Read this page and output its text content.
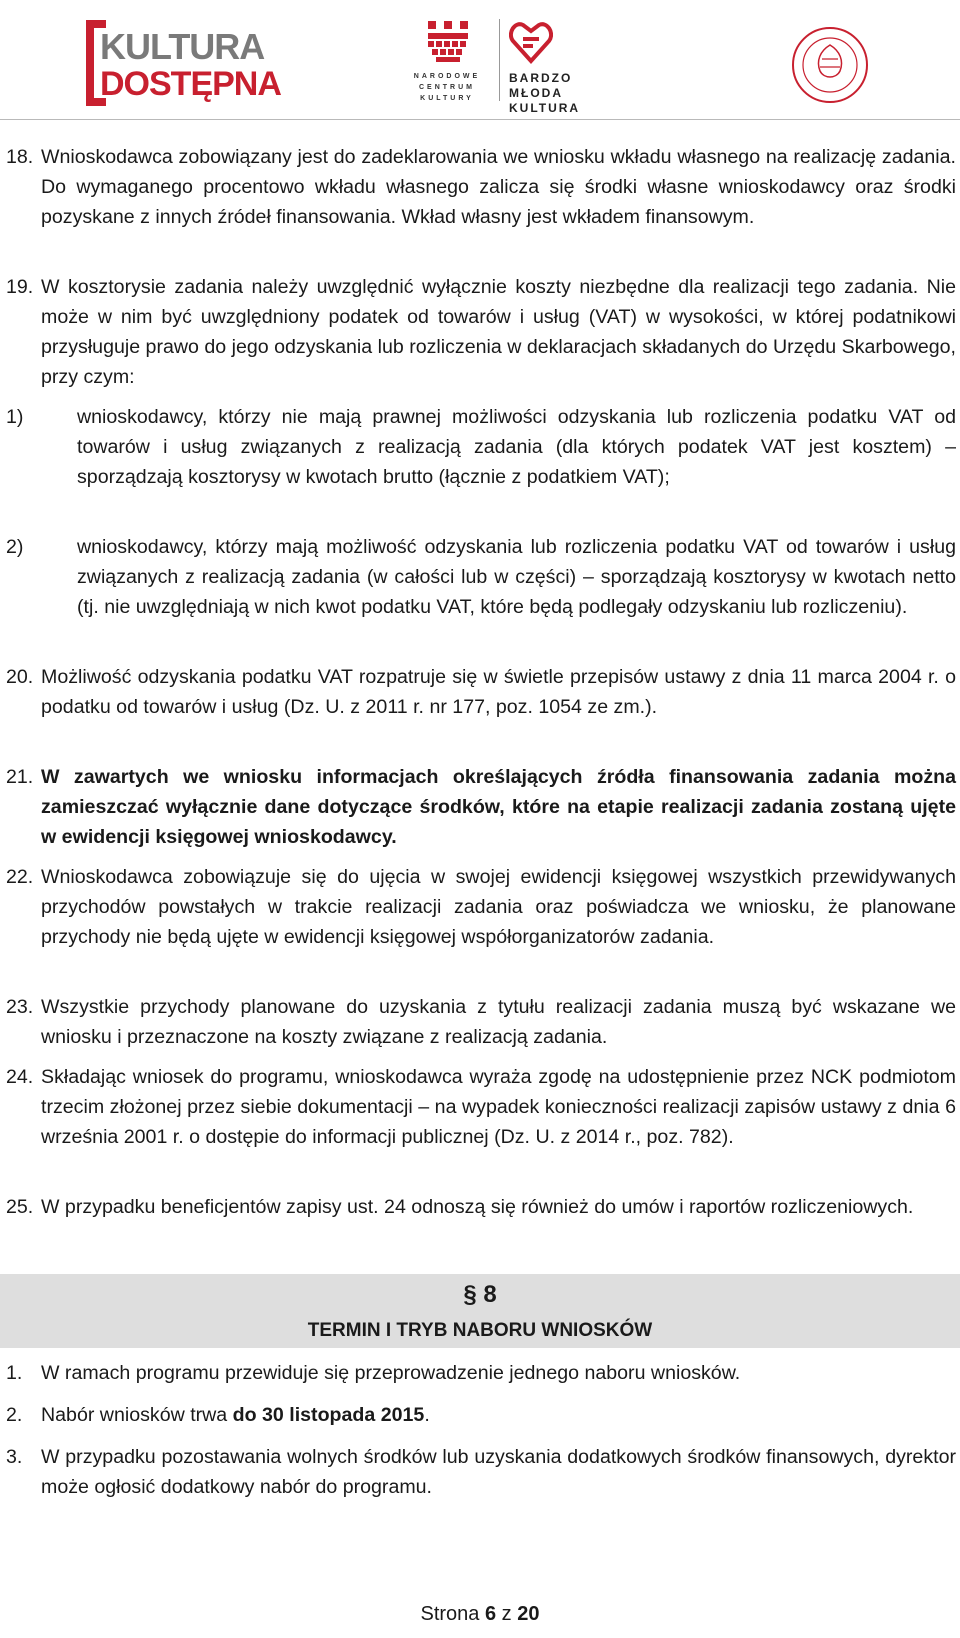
KULTURA
DOSTĘPNA	NARODOWE CENTRUM KULTURY
BARDZO MŁODA KULTURA
18. Wnioskodawca zobowiązany jest do zadeklarowania we wniosku wkładu własnego na realizację zadania. Do wymaganego procentowo wkładu własnego zalicza się środki własne wnioskodawcy oraz środki pozyskane z innych źródeł finansowania. Wkład własny jest wkładem finansowym.
19. W kosztorysie zadania należy uwzględnić wyłącznie koszty niezbędne dla realizacji tego zadania. Nie może w nim być uwzględniony podatek od towarów i usług (VAT) w wysokości, w której podatnikowi przysługuje prawo do jego odzyskania lub rozliczenia w deklaracjach składanych do Urzędu Skarbowego, przy czym:
1)	wnioskodawcy, którzy nie mają prawnej możliwości odzyskania lub rozliczenia podatku VAT od towarów i usług związanych z realizacją zadania (dla których podatek VAT jest kosztem) – sporządzają kosztorysy w kwotach brutto (łącznie z podatkiem VAT);
2)	wnioskodawcy, którzy mają możliwość odzyskania lub rozliczenia podatku VAT od towarów i usług związanych z realizacją zadania (w całości lub w części) – sporządzają kosztorysy w kwotach netto (tj. nie uwzględniają w nich kwot podatku VAT, które będą podlegały odzyskaniu lub rozliczeniu).
20. Możliwość odzyskania podatku VAT rozpatruje się w świetle przepisów ustawy z dnia 11 marca 2004 r. o podatku od towarów i usług (Dz. U. z 2011 r. nr 177, poz. 1054 ze zm.).
21. W zawartych we wniosku informacjach określających źródła finansowania zadania można zamieszczać wyłącznie dane dotyczące środków, które na etapie realizacji zadania zostaną ujęte w ewidencji księgowej wnioskodawcy.
22. Wnioskodawca zobowiązuje się do ujęcia w swojej ewidencji księgowej wszystkich przewidywanych przychodów powstałych w trakcie realizacji zadania oraz poświadcza we wniosku, że planowane przychody nie będą ujęte w ewidencji księgowej współorganizatorów zadania.
23. Wszystkie przychody planowane do uzyskania z tytułu realizacji zadania muszą być wskazane we wniosku i przeznaczone na koszty związane z realizacją zadania.
24. Składając wniosek do programu, wnioskodawca wyraża zgodę na udostępnienie przez NCK podmiotom trzecim złożonej przez siebie dokumentacji – na wypadek konieczności realizacji zapisów ustawy z dnia 6 września 2001 r. o dostępie do informacji publicznej (Dz. U. z 2014 r., poz. 782).
25. W przypadku beneficjentów zapisy ust. 24 odnoszą się również do umów i raportów rozliczeniowych.
§ 8
TERMIN I TRYB NABORU WNIOSKÓW
1. W ramach programu przewiduje się przeprowadzenie jednego naboru wniosków.
2. Nabór wniosków trwa do 30 listopada 2015.
3. W przypadku pozostawania wolnych środków lub uzyskania dodatkowych środków finansowych, dyrektor może ogłosić dodatkowy nabór do programu.
Strona 6 z 20
